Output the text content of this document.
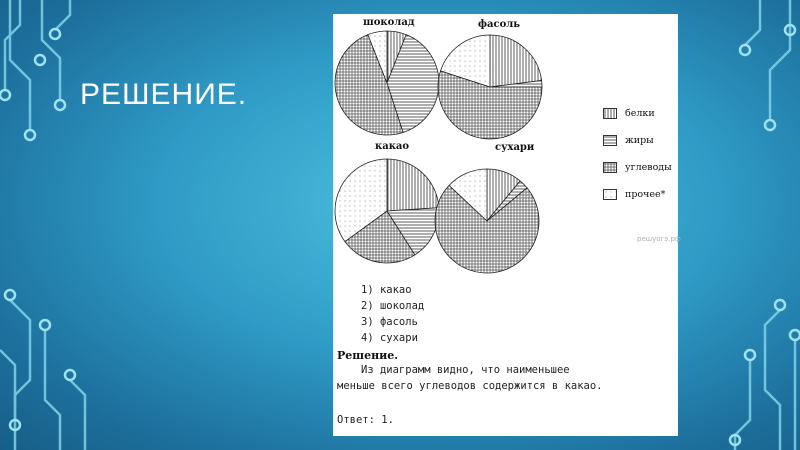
РЕШЕНИЕ.
шоколад	фасоль
какао	сухари
белки
жиры
углеводы
прочее*
решуогэ.рф
1) какао
2) шоколад
3) фасоль
4) сухари
Решение.
Из диаграмм видно, что наименьшее
меньше всего углеводов содержится в какао.
Ответ: 1.
